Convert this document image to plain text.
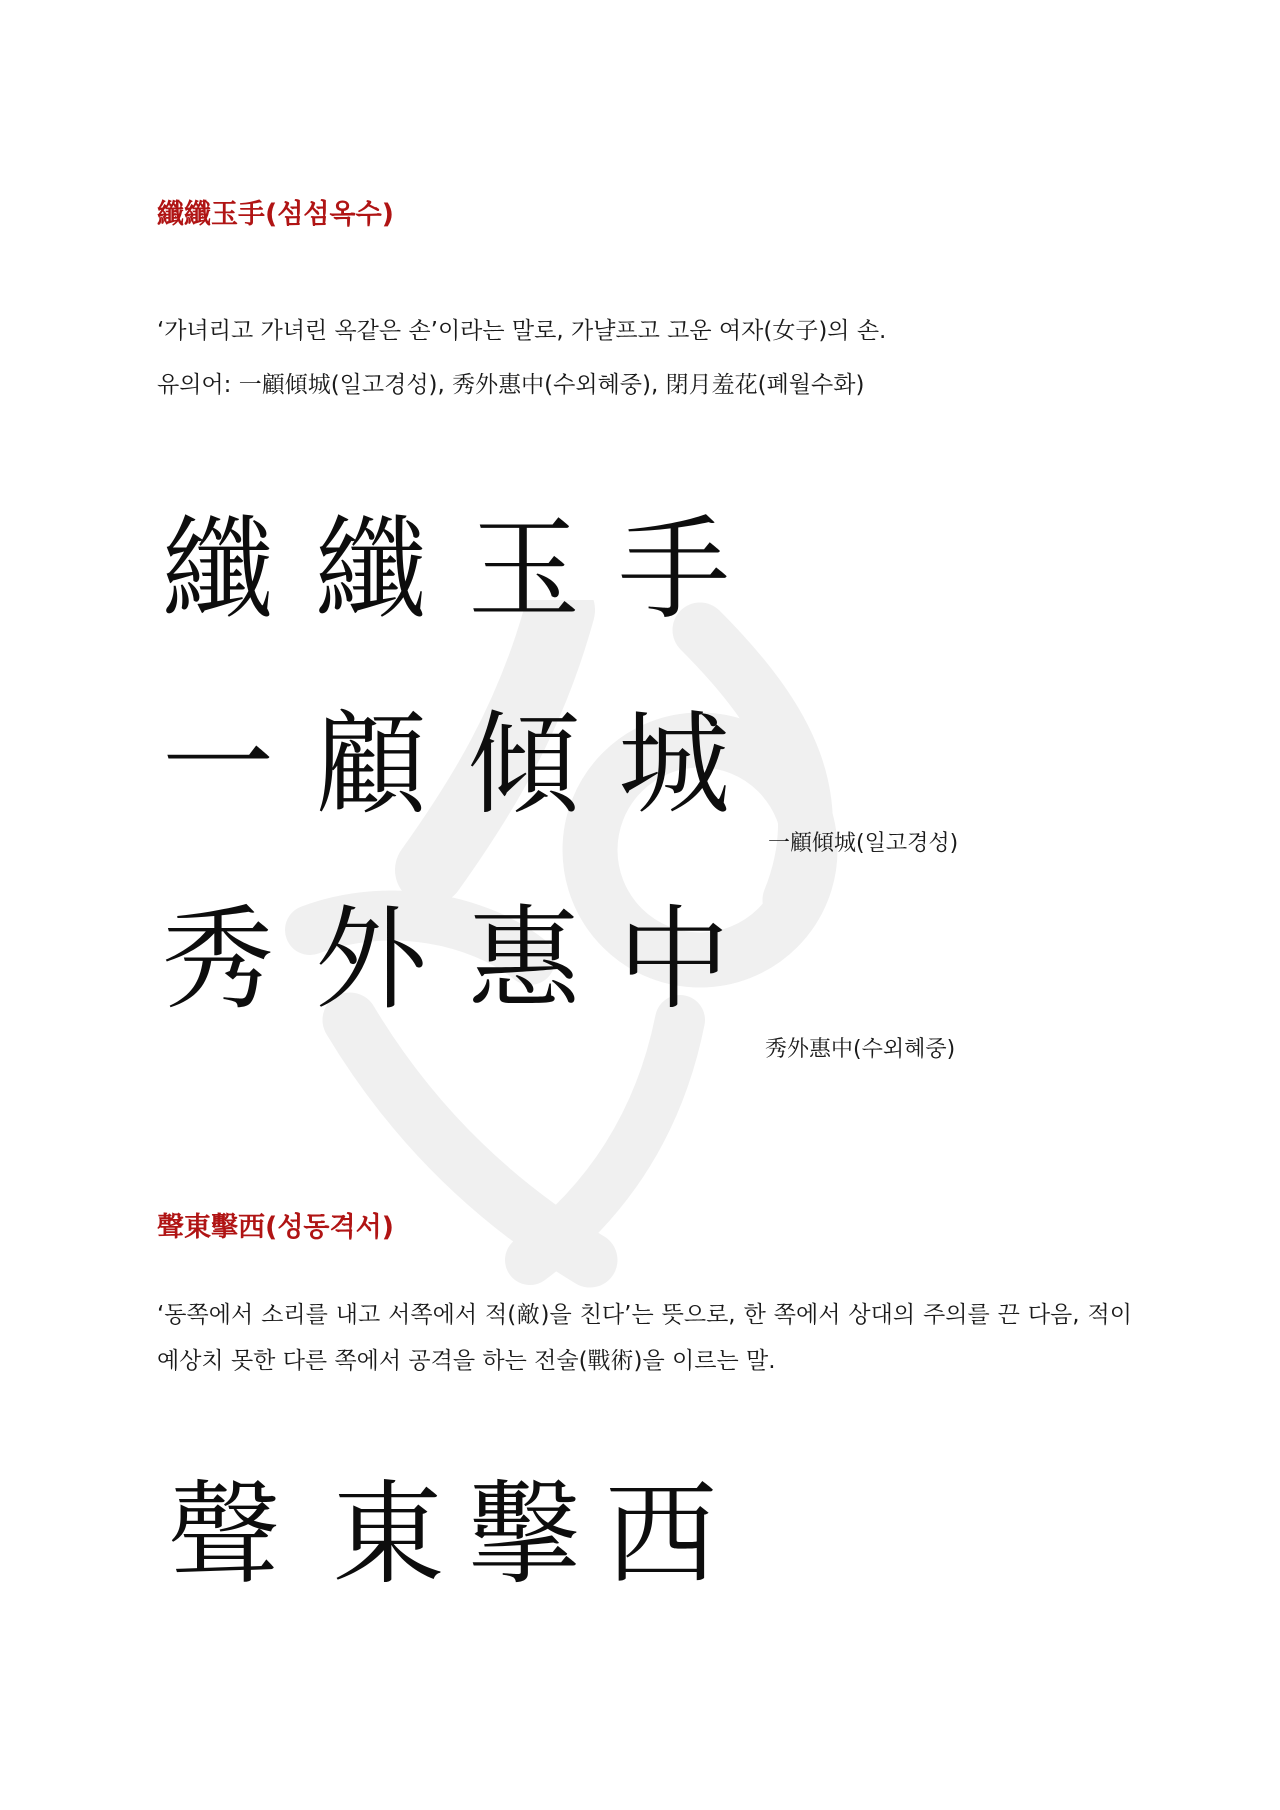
纖纖玉手(섬섬옥수)

‘가녀리고 가녀린 옥같은 손’이라는 말로, 가냘프고 고운 여자(女子)의 손.

유의어: 一顧傾城(일고경성), 秀外惠中(수외혜중), 閉月羞花(폐월수화)

纖 纖 玉 手
一 顧 傾 城
一顧傾城(일고경성)
秀 外 惠 中
秀外惠中(수외혜중)
聲東擊西(성동격서)

‘동쪽에서 소리를 내고 서쪽에서 적(敵)을 친다’는 뜻으로, 한 쪽에서 상대의 주의를 끈 다음, 적이 예상치 못한 다른 쪽에서 공격을 하는 전술(戰術)을 이르는 말.

聲 東 擊 西
